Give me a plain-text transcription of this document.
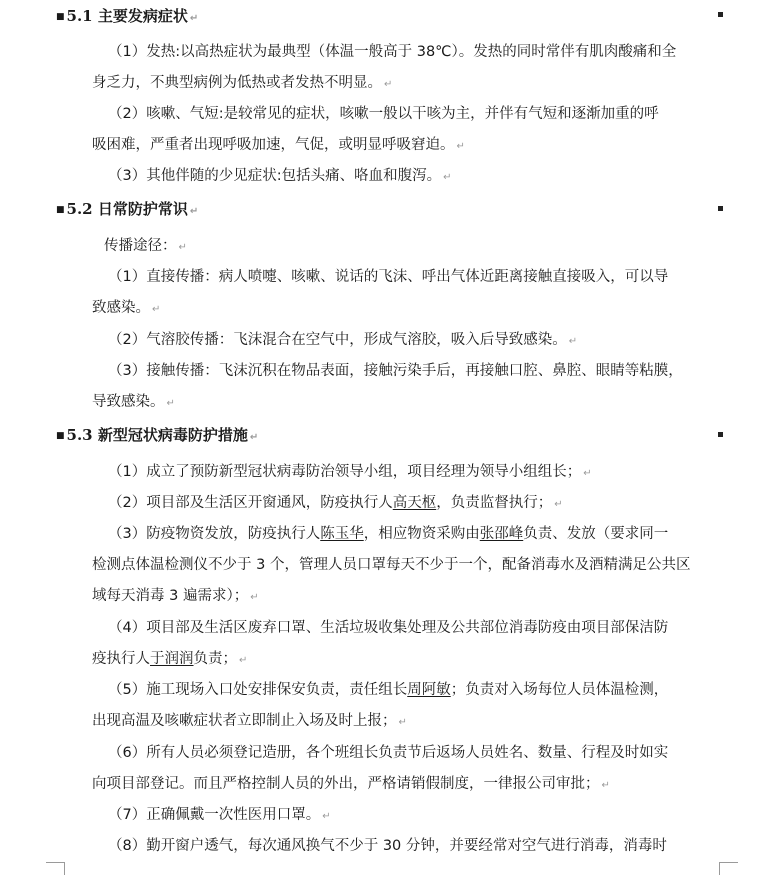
■ 5.1 主要发病症状 ↵
（1）发热:以高热症状为最典型（体温一般高于 38℃）。发热的同时常伴有肌肉酸痛和全
身乏力，不典型病例为低热或者发热不明显。 ↵
（2）咳嗽、气短:是较常见的症状，咳嗽一般以干咳为主，并伴有气短和逐渐加重的呼
吸困难，严重者出现呼吸加速，气促，或明显呼吸窘迫。 ↵
（3）其他伴随的少见症状:包括头痛、咯血和腹泻。 ↵
■ 5.2 日常防护常识 ↵
传播途径： ↵
（1）直接传播：病人喷嚏、咳嗽、说话的飞沫、呼出气体近距离接触直接吸入，可以导
致感染。 ↵
（2）气溶胶传播：飞沫混合在空气中，形成气溶胶，吸入后导致感染。 ↵
（3）接触传播：飞沫沉积在物品表面，接触污染手后，再接触口腔、鼻腔、眼睛等粘膜，
导致感染。 ↵
■ 5.3 新型冠状病毒防护措施 ↵
（1）成立了预防新型冠状病毒防治领导小组，项目经理为领导小组组长； ↵
（2）项目部及生活区开窗通风，防疫执行人高天枢，负责监督执行； ↵
（3）防疫物资发放，防疫执行人陈玉华，相应物资采购由张邵峰负责、发放（要求同一
检测点体温检测仪不少于 3 个，管理人员口罩每天不少于一个，配备消毒水及酒精满足公共区
域每天消毒 3 遍需求）； ↵
（4）项目部及生活区废弃口罩、生活垃圾收集处理及公共部位消毒防疫由项目部保洁防
疫执行人于润润负责； ↵
（5）施工现场入口处安排保安负责，责任组长周阿敏；负责对入场每位人员体温检测，
出现高温及咳嗽症状者立即制止入场及时上报； ↵
（6）所有人员必须登记造册，各个班组长负责节后返场人员姓名、数量、行程及时如实
向项目部登记。而且严格控制人员的外出，严格请销假制度，一律报公司审批； ↵
（7）正确佩戴一次性医用口罩。 ↵
（8）勤开窗户透气，每次通风换气不少于 30 分钟，并要经常对空气进行消毒，消毒时
